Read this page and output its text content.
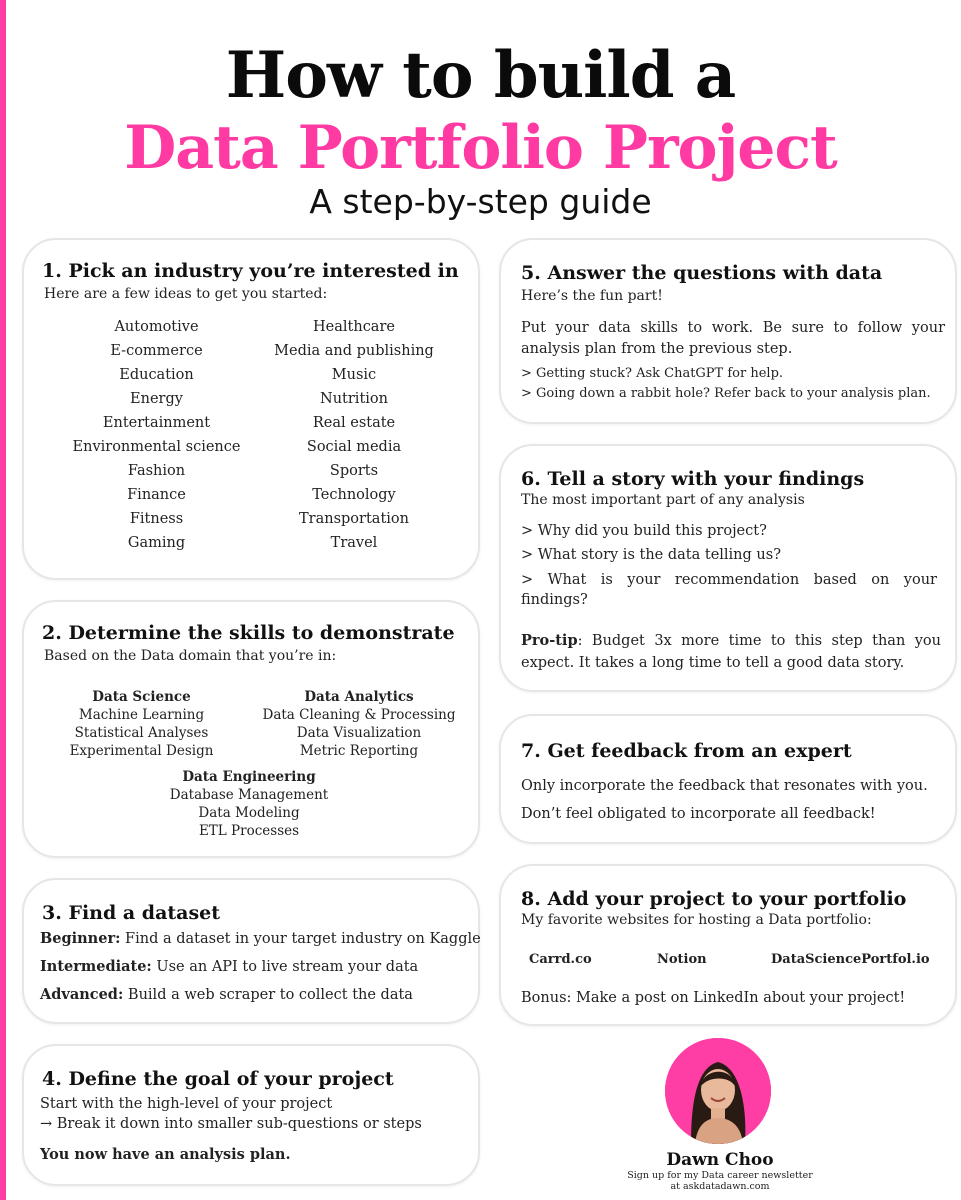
How to build a
Data Portfolio Project
A step-by-step guide
1. Pick an industry you’re interested in
Here are a few ideas to get you started:
Automotive
E-commerce
Education
Energy
Entertainment
Environmental science
Fashion
Finance
Fitness
Gaming
Healthcare
Media and publishing
Music
Nutrition
Real estate
Social media
Sports
Technology
Transportation
Travel
2. Determine the skills to demonstrate
Based on the Data domain that you’re in:
Data Science
Machine Learning
Statistical Analyses
Experimental Design
Data Analytics
Data Cleaning & Processing
Data Visualization
Metric Reporting
Data Engineering
Database Management
Data Modeling
ETL Processes
3. Find a dataset
Beginner: Find a dataset in your target industry on Kaggle
Intermediate: Use an API to live stream your data
Advanced: Build a web scraper to collect the data
4. Define the goal of your project
Start with the high-level of your project
→ Break it down into smaller sub-questions or steps
You now have an analysis plan.
5. Answer the questions with data
Here’s the fun part!
Put your data skills to work. Be sure to follow your analysis plan from the previous step.
> Getting stuck? Ask ChatGPT for help.
> Going down a rabbit hole? Refer back to your analysis plan.
6. Tell a story with your findings
The most important part of any analysis
> Why did you build this project?
> What story is the data telling us?
> What is your recommendation based on your findings?
Pro-tip: Budget 3x more time to this step than you expect. It takes a long time to tell a good data story.
7. Get feedback from an expert
Only incorporate the feedback that resonates with you.
Don’t feel obligated to incorporate all feedback!
8. Add your project to your portfolio
My favorite websites for hosting a Data portfolio:
Carrd.co	Notion	DataSciencePortfol.io
Bonus: Make a post on LinkedIn about your project!
Dawn Choo
Sign up for my Data career newsletter
at askdatadawn.com
